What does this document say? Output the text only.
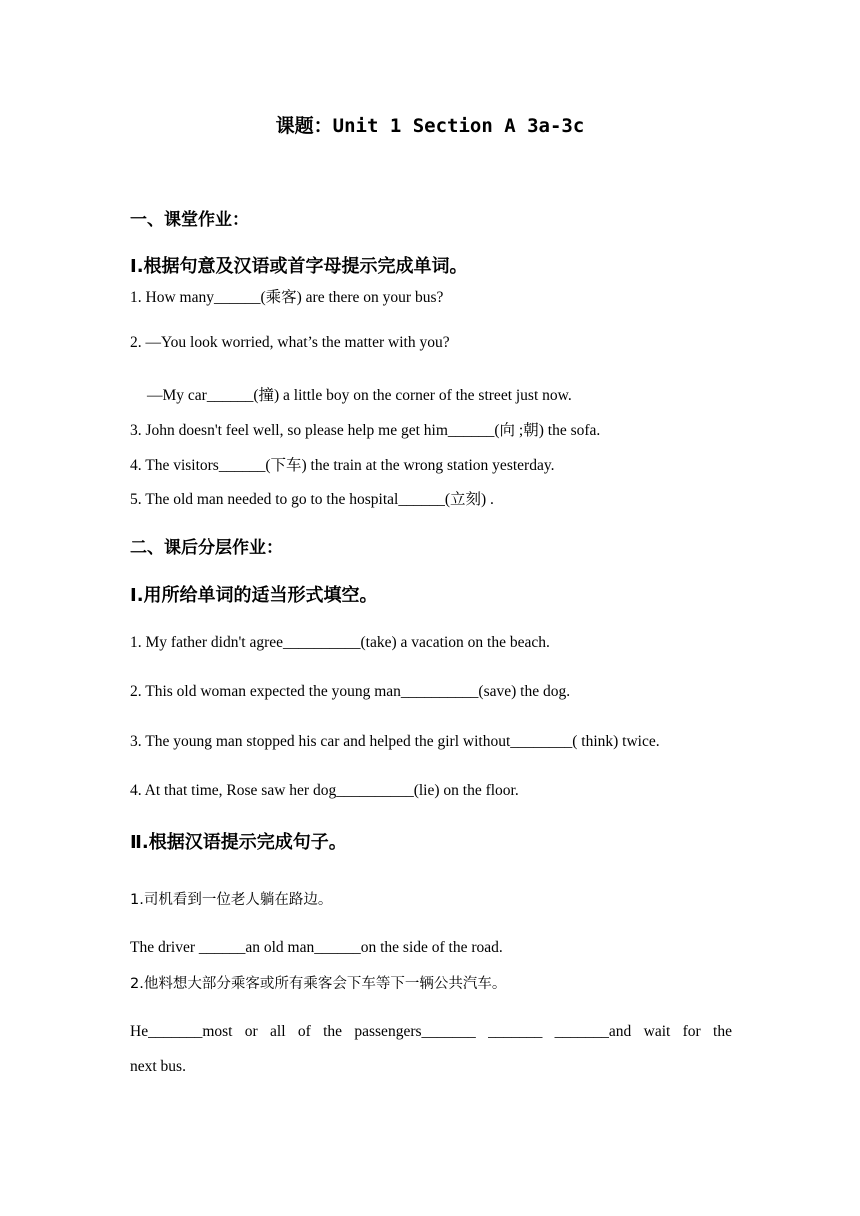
课题：Unit 1 Section A 3a-3c
一、课堂作业：
Ⅰ.根据句意及汉语或首字母提示完成单词。
1. How many______(乘客) are there on your bus?
2. —You look worried, what’s the matter with you?
—My car______(撞) a little boy on the corner of the street just now.
3. John doesn't feel well, so please help me get him______(向 ;朝) the sofa.
4. The visitors______(下车) the train at the wrong station yesterday.
5. The old man needed to go to the hospital______(立刻) .
二、课后分层作业：
Ⅰ.用所给单词的适当形式填空。
1. My father didn't agree__________(take) a vacation on the beach.
2. This old woman expected the young man__________(save) the dog.
3. The young man stopped his car and helped the girl without________( think) twice.
4. At that time, Rose saw her dog__________(lie) on the floor.
Ⅱ.根据汉语提示完成句子。
1.司机看到一位老人躺在路边。
The driver ______an old man______on the side of the road.
2.他料想大部分乘客或所有乘客会下车等下一辆公共汽车。
He_______most or all of the passengers_______ _______ _______and wait for the
next bus.
